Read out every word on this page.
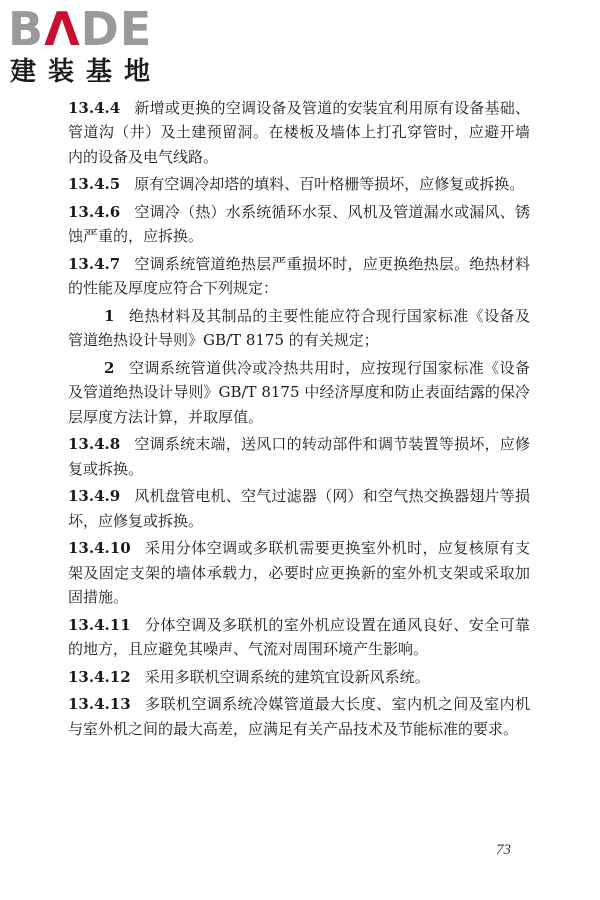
BΛDE
建装基地

13.4.4 新增或更换的空调设备及管道的安装宜利用原有设备基础、管道沟（井）及土建预留洞。在楼板及墙体上打孔穿管时，应避开墙内的设备及电气线路。

13.4.5 原有空调冷却塔的填料、百叶格栅等损坏，应修复或拆换。

13.4.6 空调冷（热）水系统循环水泵、风机及管道漏水或漏风、锈蚀严重的，应拆换。

13.4.7 空调系统管道绝热层严重损坏时，应更换绝热层。绝热材料的性能及厚度应符合下列规定：

1 绝热材料及其制品的主要性能应符合现行国家标准《设备及管道绝热设计导则》GB/T 8175 的有关规定；

2 空调系统管道供冷或冷热共用时，应按现行国家标准《设备及管道绝热设计导则》GB/T 8175 中经济厚度和防止表面结露的保冷层厚度方法计算，并取厚值。

13.4.8 空调系统末端，送风口的转动部件和调节装置等损坏，应修复或拆换。

13.4.9 风机盘管电机、空气过滤器（网）和空气热交换器翅片等损坏，应修复或拆换。

13.4.10 采用分体空调或多联机需要更换室外机时，应复核原有支架及固定支架的墙体承载力，必要时应更换新的室外机支架或采取加固措施。

13.4.11 分体空调及多联机的室外机应设置在通风良好、安全可靠的地方，且应避免其噪声、气流对周围环境产生影响。

13.4.12 采用多联机空调系统的建筑宜设新风系统。

13.4.13 多联机空调系统冷媒管道最大长度、室内机之间及室内机与室外机之间的最大高差，应满足有关产品技术及节能标准的要求。

73
